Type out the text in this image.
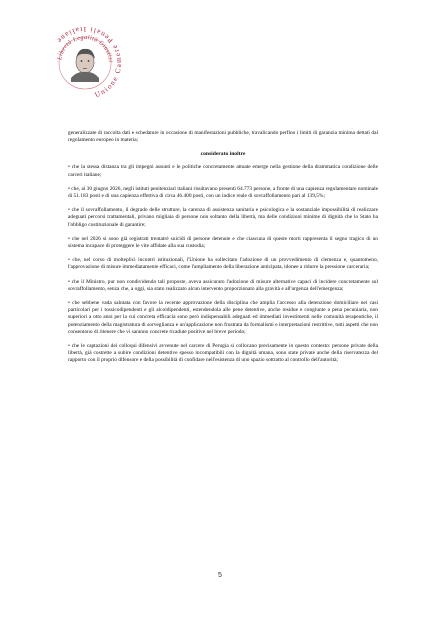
Libertà Legalità Giustizi
Unione Camere Penali Italiane

generalizzate di raccolta dati e schedature in occasione di manifestazioni pubbliche, travalicando perfino i limiti di garanzia minima dettati dal regolamento europeo in materia;

considerato inoltre

• che la stessa distanza tra gli impegni assunti e le politiche concretamente attuate emerge nella gestione della drammatica condizione delle carceri italiane;

• che, al 30 giugno 2026, negli istituti penitenziari italiani risultavano presenti 64.773 persone, a fronte di una capienza regolamentare nominale di 51.183 posti e di una capienza effettiva di circa 46.400 posti, con un indice reale di sovraffollamento pari al 139,5%;

• che il sovraffollamento, il degrado delle strutture, la carenza di assistenza sanitaria e psicologica e la sostanziale impossibilità di realizzare adeguati percorsi trattamentali, privano migliaia di persone non soltanto della libertà, ma delle condizioni minime di dignità che lo Stato ha l'obbligo costituzionale di garantire;

• che nel 2026 si sono già registrati trentatré suicidi di persone detenute e che ciascuna di queste morti rappresenta il segno tragico di un sistema incapace di proteggere le vite affidate alla sua custodia;

• che, nel corso di molteplici incontri istituzionali, l'Unione ha sollecitato l'adozione di un provvedimento di clemenza e, quantomeno, l'approvazione di misure immediatamente efficaci, come l'ampliamento della liberazione anticipata, idonee a ridurre la pressione carceraria;

• che il Ministro, pur non condividendo tali proposte, aveva assicurato l'adozione di misure alternative capaci di incidere concretamente sul sovraffollamento, senza che, a oggi, sia stato realizzato alcun intervento proporzionato alla gravità e all'urgenza dell'emergenza;

• che sebbene vada salutata con favore la recente approvazione della disciplina che amplia l'accesso alla detenzione domiciliare nei casi particolari per i tossicodipendenti e gli alcoldipendenti, estendendola alle pene detentive, anche residue e congiunte a pena pecuniaria, non superiori a otto anni per la cui concreta efficacia sono però indispensabili adeguati ed immediati investimenti nelle comunità terapeutiche, il potenziamento della magistratura di sorveglianza e un'applicazione non frustrata da formalismi e interpretazioni restrittive, tutti aspetti che non consentono di ritenere che vi saranno concrete ricadute positive nel breve periodo;

• che le captazioni dei colloqui difensivi avvenute nel carcere di Perugia si collocano precisamente in questo contesto: persone private della libertà, già costrette a subire condizioni detentive spesso incompatibili con la dignità umana, sono state private anche della riservatezza del rapporto con il proprio difensore e della possibilità di confidare nell'esistenza di uno spazio sottratto al controllo dell'autorità;

5
